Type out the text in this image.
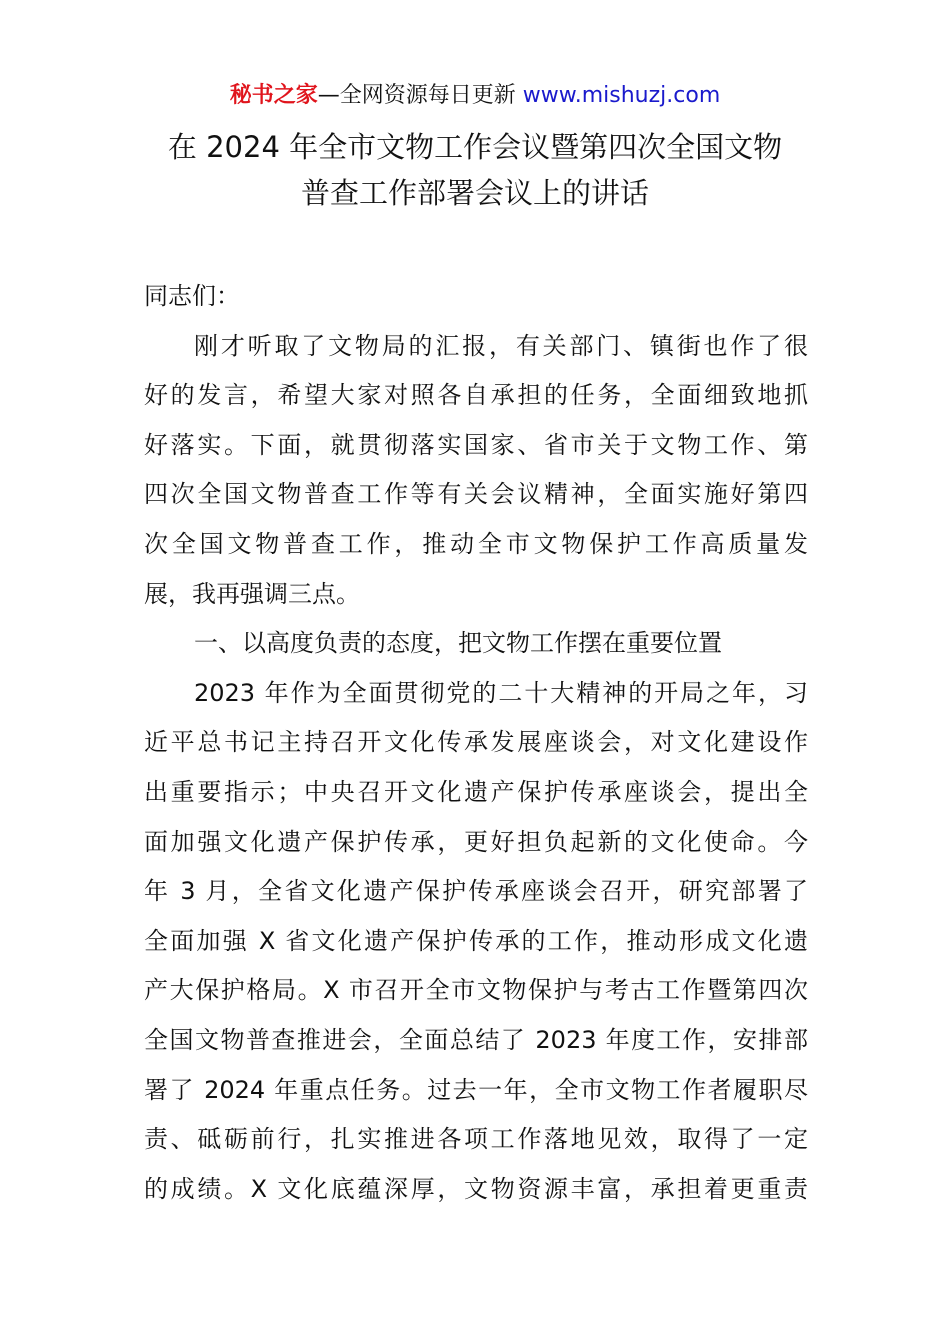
秘书之家—全网资源每日更新 www.mishuzj.com
在 2024 年全市文物工作会议暨第四次全国文物
普查工作部署会议上的讲话
同志们：
刚才听取了文物局的汇报，有关部门、镇街也作了很
好的发言，希望大家对照各自承担的任务，全面细致地抓
好落实。下面，就贯彻落实国家、省市关于文物工作、第
四次全国文物普查工作等有关会议精神，全面实施好第四
次全国文物普查工作，推动全市文物保护工作高质量发
展，我再强调三点。
一、以高度负责的态度，把文物工作摆在重要位置
2023 年作为全面贯彻党的二十大精神的开局之年，习
近平总书记主持召开文化传承发展座谈会，对文化建设作
出重要指示；中央召开文化遗产保护传承座谈会，提出全
面加强文化遗产保护传承，更好担负起新的文化使命。今
年 3 月，全省文化遗产保护传承座谈会召开，研究部署了
全面加强 X 省文化遗产保护传承的工作，推动形成文化遗
产大保护格局。X 市召开全市文物保护与考古工作暨第四次
全国文物普查推进会，全面总结了 2023 年度工作，安排部
署了 2024 年重点任务。过去一年，全市文物工作者履职尽
责、砥砺前行，扎实推进各项工作落地见效，取得了一定
的成绩。X 文化底蕴深厚，文物资源丰富，承担着更重责
